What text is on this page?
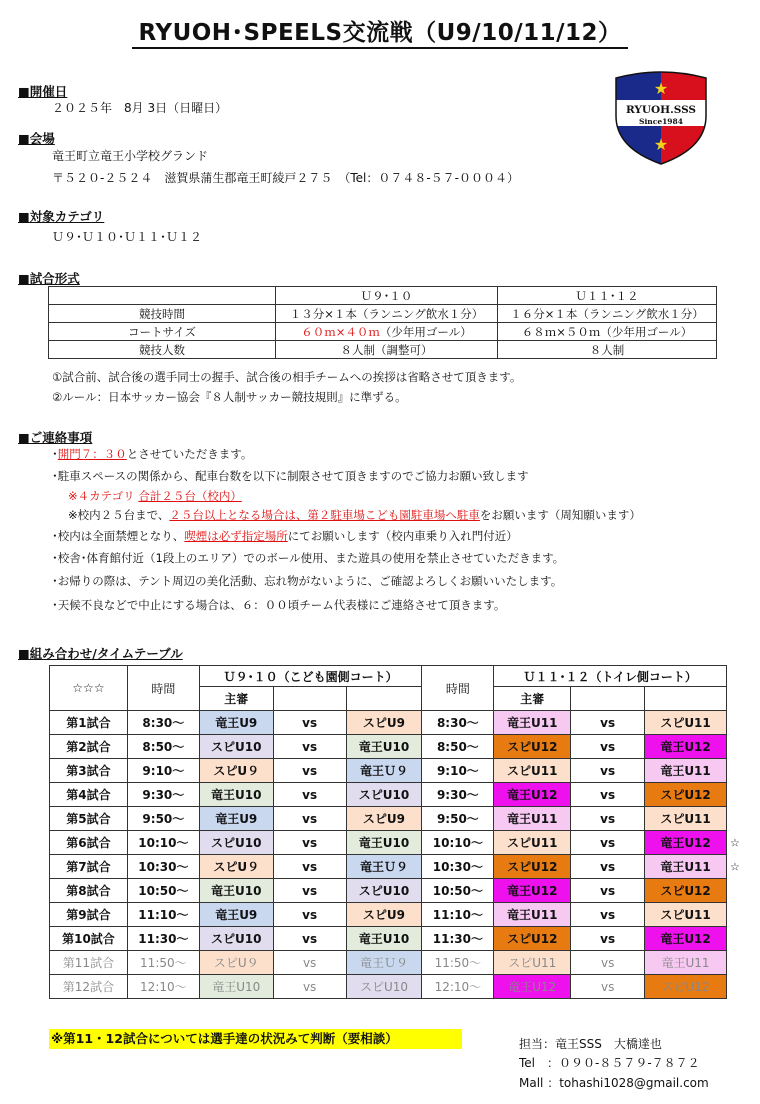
RYUOH･SPEELS交流戦（U9/10/11/12）
★
★
RYUOH.SSS
Since1984
■開催日
２０２５年　8月 3日（日曜日）
■会場
竜王町立竜王小学校グランド
〒５２０-２５２４　滋賀県蒲生郡竜王町綾戸２７５　（Tel：０７４８-５７-０００４）
■対象カテゴリ
Ｕ９･Ｕ１０･Ｕ１１･Ｕ１２
■試合形式
	Ｕ９･１０	Ｕ１１･１２
競技時間	１３分×１本（ランニング飲水１分）	１６分×１本（ランニング飲水１分）
コートサイズ	６０ｍ×４０ｍ（少年用ゴール）	６８ｍ×５０ｍ（少年用ゴール）
競技人数	８人制（調整可）	８人制
①試合前、試合後の選手同士の握手、試合後の相手チームへの挨拶は省略させて頂きます。
②ルール：日本サッカー協会『８人制サッカー競技規則』に準ずる。
■ご連絡事項
･開門７：３０とさせていただきます。
･駐車スペースの関係から、配車台数を以下に制限させて頂きますのでご協力お願い致します
※４カテゴリ 合計２５台（校内）
※校内２５台まで、２５台以上となる場合は、第２駐車場こども園駐車場へ駐車をお願います（周知願います）
･校内は全面禁煙となり、喫煙は必ず指定場所にてお願いします（校内車乗り入れ門付近）
･校舎･体育館付近（1段上のエリア）でのボール使用、また遊具の使用を禁止させていただきます。
･お帰りの際は、テント周辺の美化活動、忘れ物がないように、ご確認よろしくお願いいたします。
･天候不良などで中止にする場合は、６：００頃チーム代表様にご連絡させて頂きます。
■組み合わせ/タイムテーブル
☆☆☆	時間	Ｕ９･１０（こども園側コート）			時間	Ｕ１１･１２（トイレ側コート）		
		主審				主審		
第1試合	8:30～	竜王U9	vs	スピU9	8:30～	竜王U11	vs	スピU11
第2試合	8:50～	スピU10	vs	竜王U10	8:50～	スピU12	vs	竜王U12
第3試合	9:10～	スピU９	vs	竜王Ｕ９	9:10～	スピU11	vs	竜王U11
第4試合	9:30～	竜王U10	vs	スピU10	9:30～	竜王U12	vs	スピU12
第5試合	9:50～	竜王U9	vs	スピU9	9:50～	竜王U11	vs	スピU11
第6試合	10:10～	スピU10	vs	竜王U10	10:10～	スピU11	vs	竜王U12 ☆

第7試合	10:30～	スピU９	vs	竜王Ｕ９	10:30～	スピU12	vs	竜王U11 ☆

第8試合	10:50～	竜王U10	vs	スピU10	10:50～	竜王U12	vs	スピU12
第9試合	11:10～	竜王U9	vs	スピU9	11:10～	竜王U11	vs	スピU11
第10試合	11:30～	スピU10	vs	竜王U10	11:30～	スピU12	vs	竜王U12
第11試合	11:50～	スピU９	vs	竜王Ｕ９	11:50～	スピU11	vs	竜王U11
第12試合	12:10～	竜王U10	vs	スピU10	12:10～	竜王U12	vs	スピU12
※第11・12試合については選手達の状況みて判断（要相談）	担当：竜王SSS　大橋達也
Tel　：０９０-８５７９-７８７２
Mall ：tohashi1028@gmail.com
